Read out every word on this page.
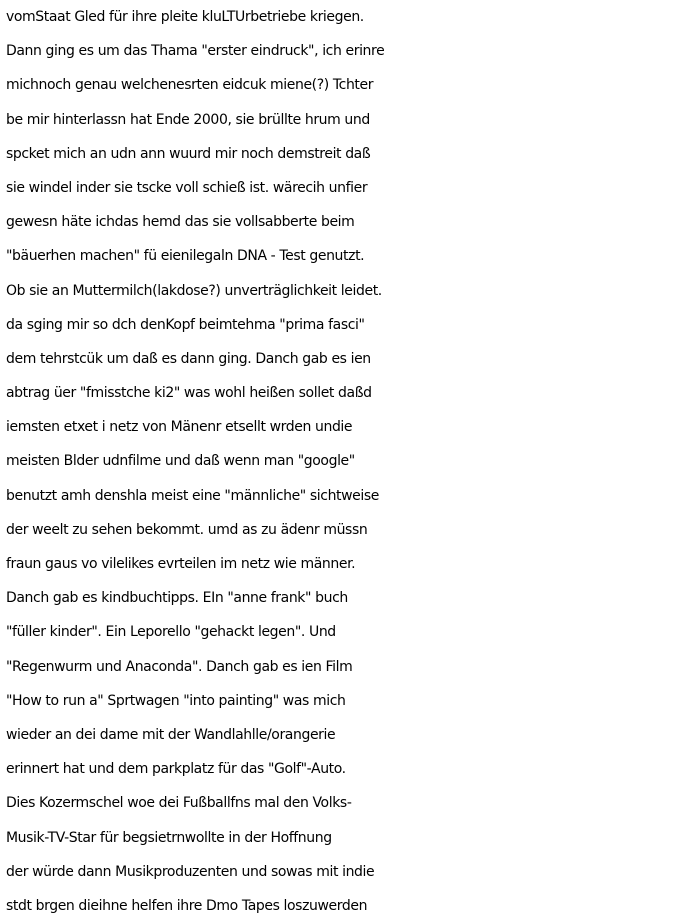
vomStaat Gled für ihre pleite kluLTUrbetriebe kriegen.
Dann ging es um das Thama "erster eindruck", ich erinre
michnoch genau welchenesrten eidcuk miene(?) Tchter
be mir hinterlassn hat Ende 2000, sie brüllte hrum und
spcket mich an udn ann wuurd mir noch demstreit daß
sie windel inder sie tscke voll schieß ist. wärecih unfier
gewesn häte ichdas hemd das sie vollsabberte beim
"bäuerhen machen" fü eienilegaln DNA - Test genutzt.
Ob sie an Muttermilch(lakdose?) unverträglichkeit leidet.
da sging mir so dch denKopf beimtehma "prima fasci"
dem tehrstcük um daß es dann ging. Danch gab es ien
abtrag üer "fmisstche ki2" was wohl heißen sollet daßd
iemsten etxet i netz von Mänenr etsellt wrden undie
meisten Blder udnfilme und daß wenn man "google"
benutzt amh denshla meist eine "männliche" sichtweise
der weelt zu sehen bekommt. umd as zu ädenr müssn
fraun gaus vo vilelikes evrteilen im netz wie männer.
Danch gab es kindbuchtipps. EIn "anne frank" buch
"füller kinder". Ein Leporello "gehackt legen". Und
"Regenwurm und Anaconda". Danch gab es ien Film
"How to run a" Sprtwagen "into painting" was mich
wieder an dei dame mit der Wandlahlle/orangerie
erinnert hat und dem parkplatz für das "Golf"-Auto.
Dies Kozermschel woe dei Fußballfns mal den Volks-
Musik-TV-Star für begsietrnwollte in der Hoffnung
der würde dann Musikproduzenten und sowas mit indie
stdt brgen dieihne helfen ihre Dmo Tapes loszuwerden
